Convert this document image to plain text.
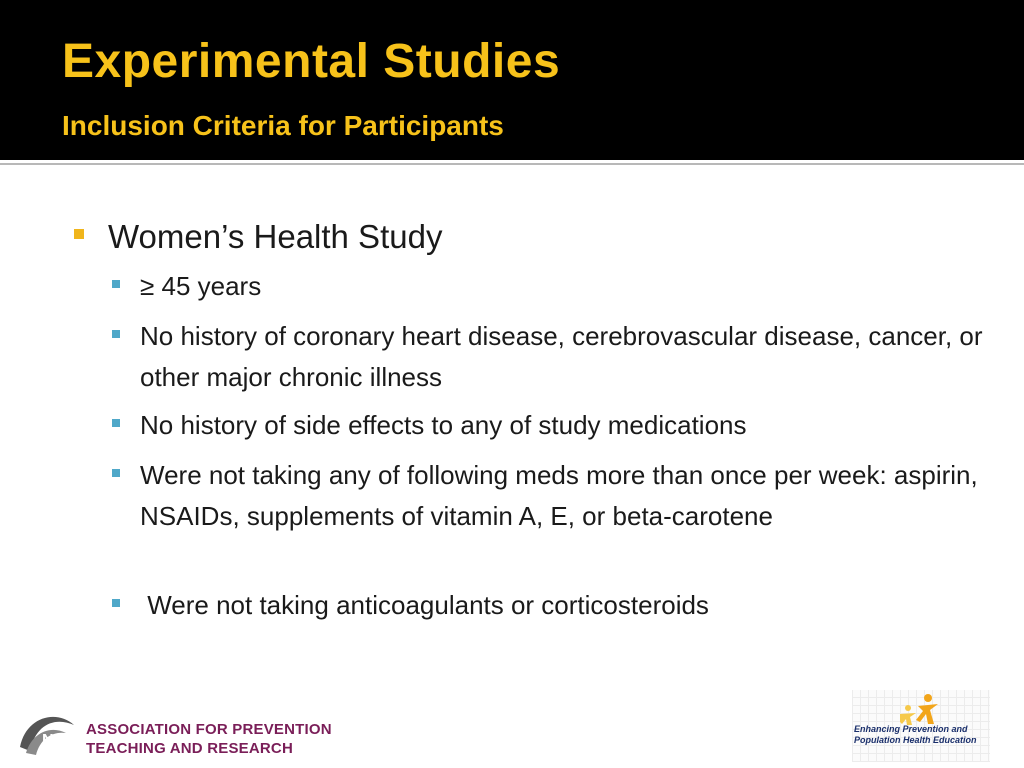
Experimental Studies
Inclusion Criteria for Participants
Women’s Health Study
≥ 45 years
No history of coronary heart disease, cerebrovascular disease, cancer, or other major chronic illness
No history of side effects to any of study medications
Were not taking any of following meds more than once per week: aspirin, NSAIDs, supplements of vitamin A, E, or beta-carotene
Were not taking anticoagulants or corticosteroids
N
ASSOCIATION FOR PREVENTION
TEACHING AND RESEARCH
Enhancing Prevention and
Population Health Education
